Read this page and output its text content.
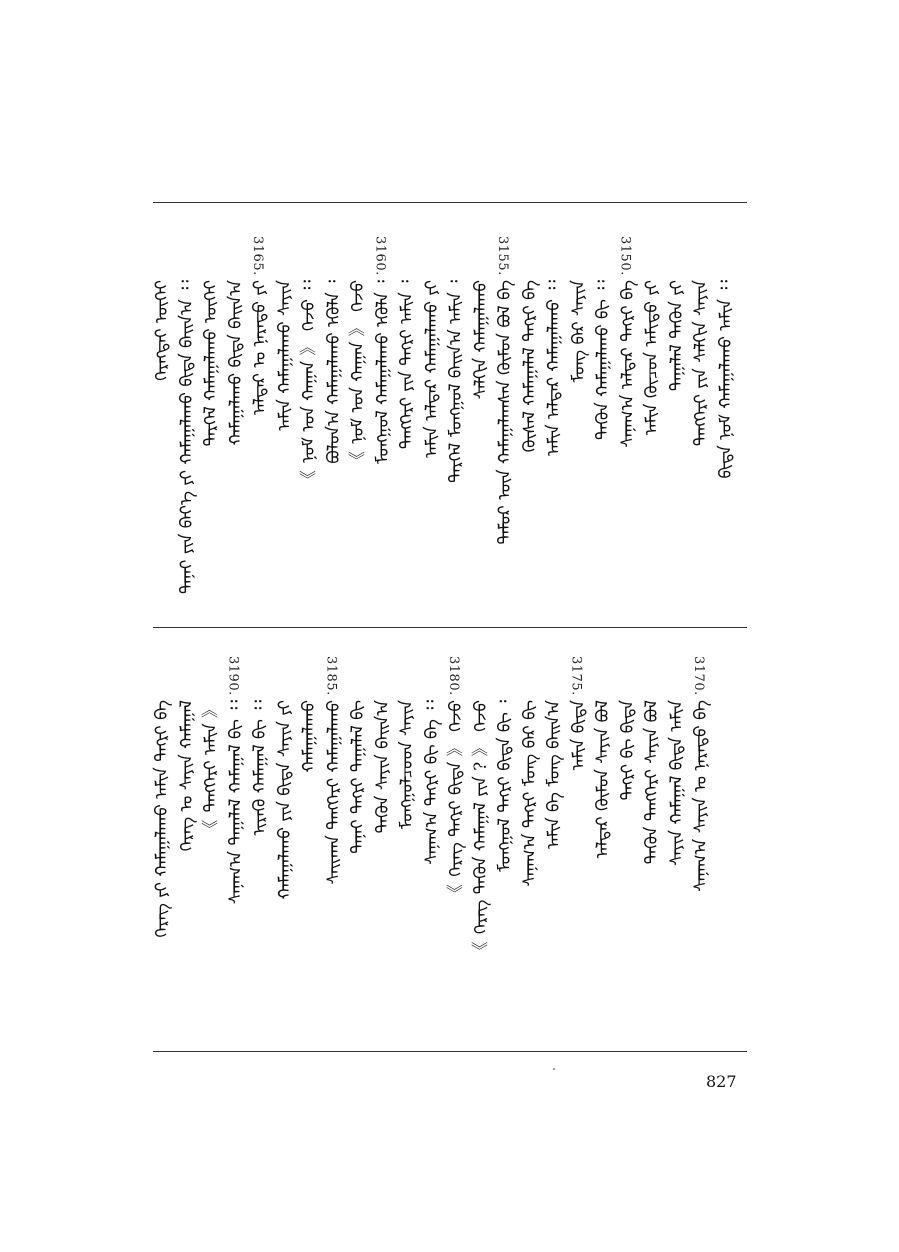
ᠬᠡᠷᠡᠭᠲᠡᠢ ᠦᠭᠡᠢ ᠲᠠᠨᠠᠢ ᠶᠢᠨ ᠪᠡᠶ᠎ᠡ ᠶᠢ ᠬᠠᠮᠠᠭᠠᠯᠠᠬᠤ ᠪᠢᠳᠡ ᠪᠠᠢᠨ᠎ᠠ ᠄᠄ ᠲᠡᠷᠭᠡᠯ ᠬᠠᠮᠠᠭᠠᠯᠠᠬᠤ ᠦᠭᠡᠢ ᠬᠠᠮᠠᠭᠠᠯᠠᠬᠤ ᠪᠢᠳᠡ ᠪᠠᠢᠨ᠎ᠠ
3165.
ᠠᠯᠳᠠᠷ ᠤ ᠨᠡᠷᠡᠲᠦ ᠶᠢ ᠠᠮᠢᠨ ᠬᠠᠮᠠᠭᠠᠯᠠᠬᠤ ᠰᠠᠶᠢᠨ 《 ᠨᠣᠮ ᠤᠨ ᠬᠠᠭᠠᠨ 》 ᠭᠡᠵᠦ ᠄᠄ ᠪᠣᠯᠤᠨ᠎ᠠ ᠬᠠᠮᠠᠭᠠᠯᠠᠬᠤ ᠡᠭᠦᠯᠡ ᠄ 《 ᠨᠣᠮ ᠤᠨ ᠬᠠᠭᠠᠨ 》 ᠭᠡᠵᠦ
3160.
ᠮᠣᠩᠭᠣᠯ ᠬᠠᠮᠠᠭᠠᠯᠠᠬᠤ ᠡᠭᠦᠯᠡ ᠄ ᠲᠡᠩᠭᠡᠷᠢ ᠶᠢᠨ ᠲᠡᠭᠷᠢ ᠠᠮᠢᠨ ᠄ ᠠᠮᠢᠨ ᠠᠯᠳᠠᠷ ᠬᠠᠮᠠᠭᠠᠯᠠᠬᠤ ᠶᠢ ᠲᠡᠷᠭᠡᠯ ᠮᠣᠩᠭᠣᠯ ᠪᠠᠢᠨ᠎ᠠ ᠠᠮᠢᠨ ᠄ ᠰᠠᠯᠬᠢᠨ ᠬᠠᠮᠠᠭᠠᠯᠠᠬᠤ
3155.
ᠲᠡᠮᠦᠷ ᠦᠨ ᠬᠠᠮᠠᠭᠠᠯᠠᠭᠰᠠᠨ ᠬᠦᠮᠦᠨ ᠪᠣᠯ ᠪᠡ ᠬᠦᠰᠡᠯ ᠬᠠᠮᠠᠭᠠᠯᠠᠯ ᠲᠡᠭᠷᠢ ᠪᠡ ᠠᠮᠢᠨ ᠠᠯᠳᠠᠷ ᠬᠠᠮᠠᠭᠠᠯᠠᠬᠤ ᠄᠄ ᠮᠣᠩ ᠪᠠᠷ ᠰᠠᠶᠢᠨ ᠲᠡᠭᠦᠨ ᠬᠠᠮᠠᠭᠠᠯᠠᠬᠤ ᠪᠢ ᠄᠄
3150.
ᠰᠠᠨᠠᠭ᠎ᠠ ᠠᠯᠳᠠᠷ ᠲᠡᠭᠷᠢ ᠪᠡ ᠠᠮᠢᠨ ᠬᠦᠴᠦᠨ ᠠᠮᠢᠳᠤ ᠶᠢ ᠲᠠᠭᠠᠯᠠᠯ ᠲᠡᠭᠦᠨ ᠶᠢ ᠲᠡᠩᠭᠡᠷᠢ ᠶᠢᠨ ᠰᠠᠯᠬᠢᠨ ᠰᠠᠶᠢᠨ ᠪᠢᠳᠡ ᠨᠣᠮ ᠬᠠᠮᠠᠭᠠᠯᠠᠬᠤ ᠠᠮᠢᠨ ᠄᠄
ᠬᠡᠷᠡᠭ ᠶᠢ ᠬᠠᠮᠠᠭᠠᠯᠠᠬᠤ ᠠᠮᠢᠨ ᠲᠡᠭᠷᠢ ᠪᠡ ᠬᠡᠷᠡᠭ ᠤ ᠰᠠᠶᠢᠨ ᠬᠠᠮᠠᠭᠠᠯ 《 ᠲᠡᠩᠭᠡᠷᠢ ᠠᠮᠢᠨ 》
3190.
ᠰᠠᠨᠠᠭ᠎ᠠ ᠲᠠᠭᠠᠯᠠᠯ ᠬᠠᠮᠠᠭᠠᠯ ᠪᠢ ᠄᠄ ᠢᠷᠡᠭᠦ ᠬᠠᠮᠠᠭᠠᠯ ᠪᠢ ᠄᠄ ᠬᠠᠮᠠᠭᠠᠯᠠᠬᠤ ᠶᠢᠨ ᠪᠢᠳᠡ ᠰᠠᠶᠢᠨ ᠶᠢ ᠬᠠᠮᠠᠭᠠᠯᠠᠬᠤ
3185.
ᠰᠠᠢᠬᠠᠨ ᠲᠡᠩᠭᠡᠷᠢ ᠬᠠᠮᠠᠭᠠᠯᠠᠬᠤ ᠲᠠᠨᠠᠢ ᠲᠡᠭᠷᠢ ᠲᠠᠭᠠᠯᠠᠯ ᠪᠢ ᠲᠡᠭᠦᠨ ᠰᠠᠶᠢᠨ ᠪᠠᠢᠨ᠎ᠠ ᠮᠣᠩᠭᠣᠯᠴᠤᠳ ᠰᠠᠶᠢᠨ ᠰᠠᠨᠠᠭ᠎ᠠ ᠲᠡᠭᠷᠢ ᠪᠢ ᠪᠡ ᠄᠄
3180.
《 ᠬᠡᠷᠡᠭ ᠲᠡᠭᠷᠢ ᠪᠢᠳᠡ 》 ᠭᠡᠵᠦ 《 ᠬᠡᠷᠡᠭ ᠲᠡᠭᠦᠨ ᠬᠠᠮᠠᠭᠠᠯ ᠶᠢᠨ ? 》 ᠭᠡᠵᠦ ᠮᠣᠩᠭᠣᠯ ᠲᠡᠭᠷᠢ ᠪᠢᠳᠡ ᠪᠢ ᠄ ᠰᠠᠨᠠᠭ᠎ᠠ ᠲᠡᠭᠷᠢ ᠮᠣᠩ ᠪᠠᠷ ᠪᠢ ᠠᠮᠢᠨ ᠪᠡ ᠮᠣᠩ ᠪᠠᠢᠨ᠎ᠠ
3175.
ᠠᠮᠢᠨ ᠪᠢᠳᠡ ᠠᠯᠳᠠᠷ ᠬᠦᠮᠦᠨ ᠰᠠᠶᠢᠨ ᠪᠣᠯ ᠲᠡᠭᠷᠢ ᠪᠢ ᠪᠢᠳᠡ ᠲᠡᠭᠦᠨ ᠲᠡᠩᠭᠡᠷᠢ ᠰᠠᠶᠢᠨ ᠪᠣᠯ ᠰᠠᠶᠢᠨ ᠬᠠᠮᠠᠭᠠᠯ ᠪᠢᠳᠡ ᠠᠮᠢᠨ
3170.
ᠰᠠᠨᠠᠭ᠎ᠠ ᠰᠠᠶᠢᠨ ᠤ ᠨᠡᠷᠡᠲᠦ ᠪᠡ
827
